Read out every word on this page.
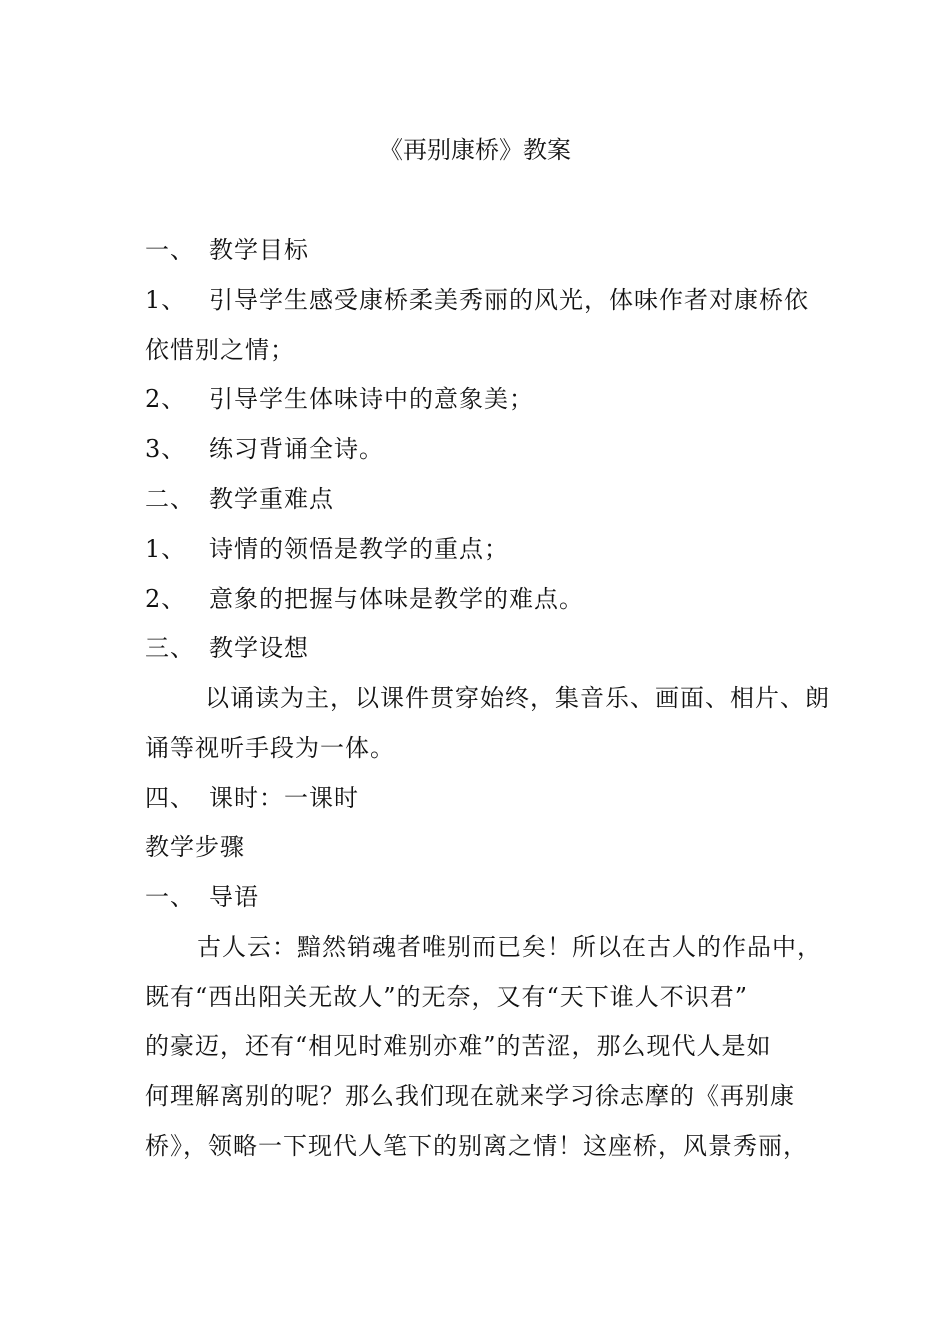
《再别康桥》教案
一、 教学目标
1、 引导学生感受康桥柔美秀丽的风光，体味作者对康桥依
依惜别之情；
2、 引导学生体味诗中的意象美；
3、 练习背诵全诗。
二、 教学重难点
1、 诗情的领悟是教学的重点；
2、 意象的把握与体味是教学的难点。
三、 教学设想
以诵读为主，以课件贯穿始终，集音乐、画面、相片、朗
诵等视听手段为一体。
四、 课时：一课时
教学步骤
一、 导语
古人云：黯然销魂者唯别而已矣！所以在古人的作品中，
既有“西出阳关无故人”的无奈，又有“天下谁人不识君”
的豪迈，还有“相见时难别亦难”的苦涩，那么现代人是如
何理解离别的呢？那么我们现在就来学习徐志摩的《再别康
桥》，领略一下现代人笔下的别离之情！这座桥，风景秀丽，
